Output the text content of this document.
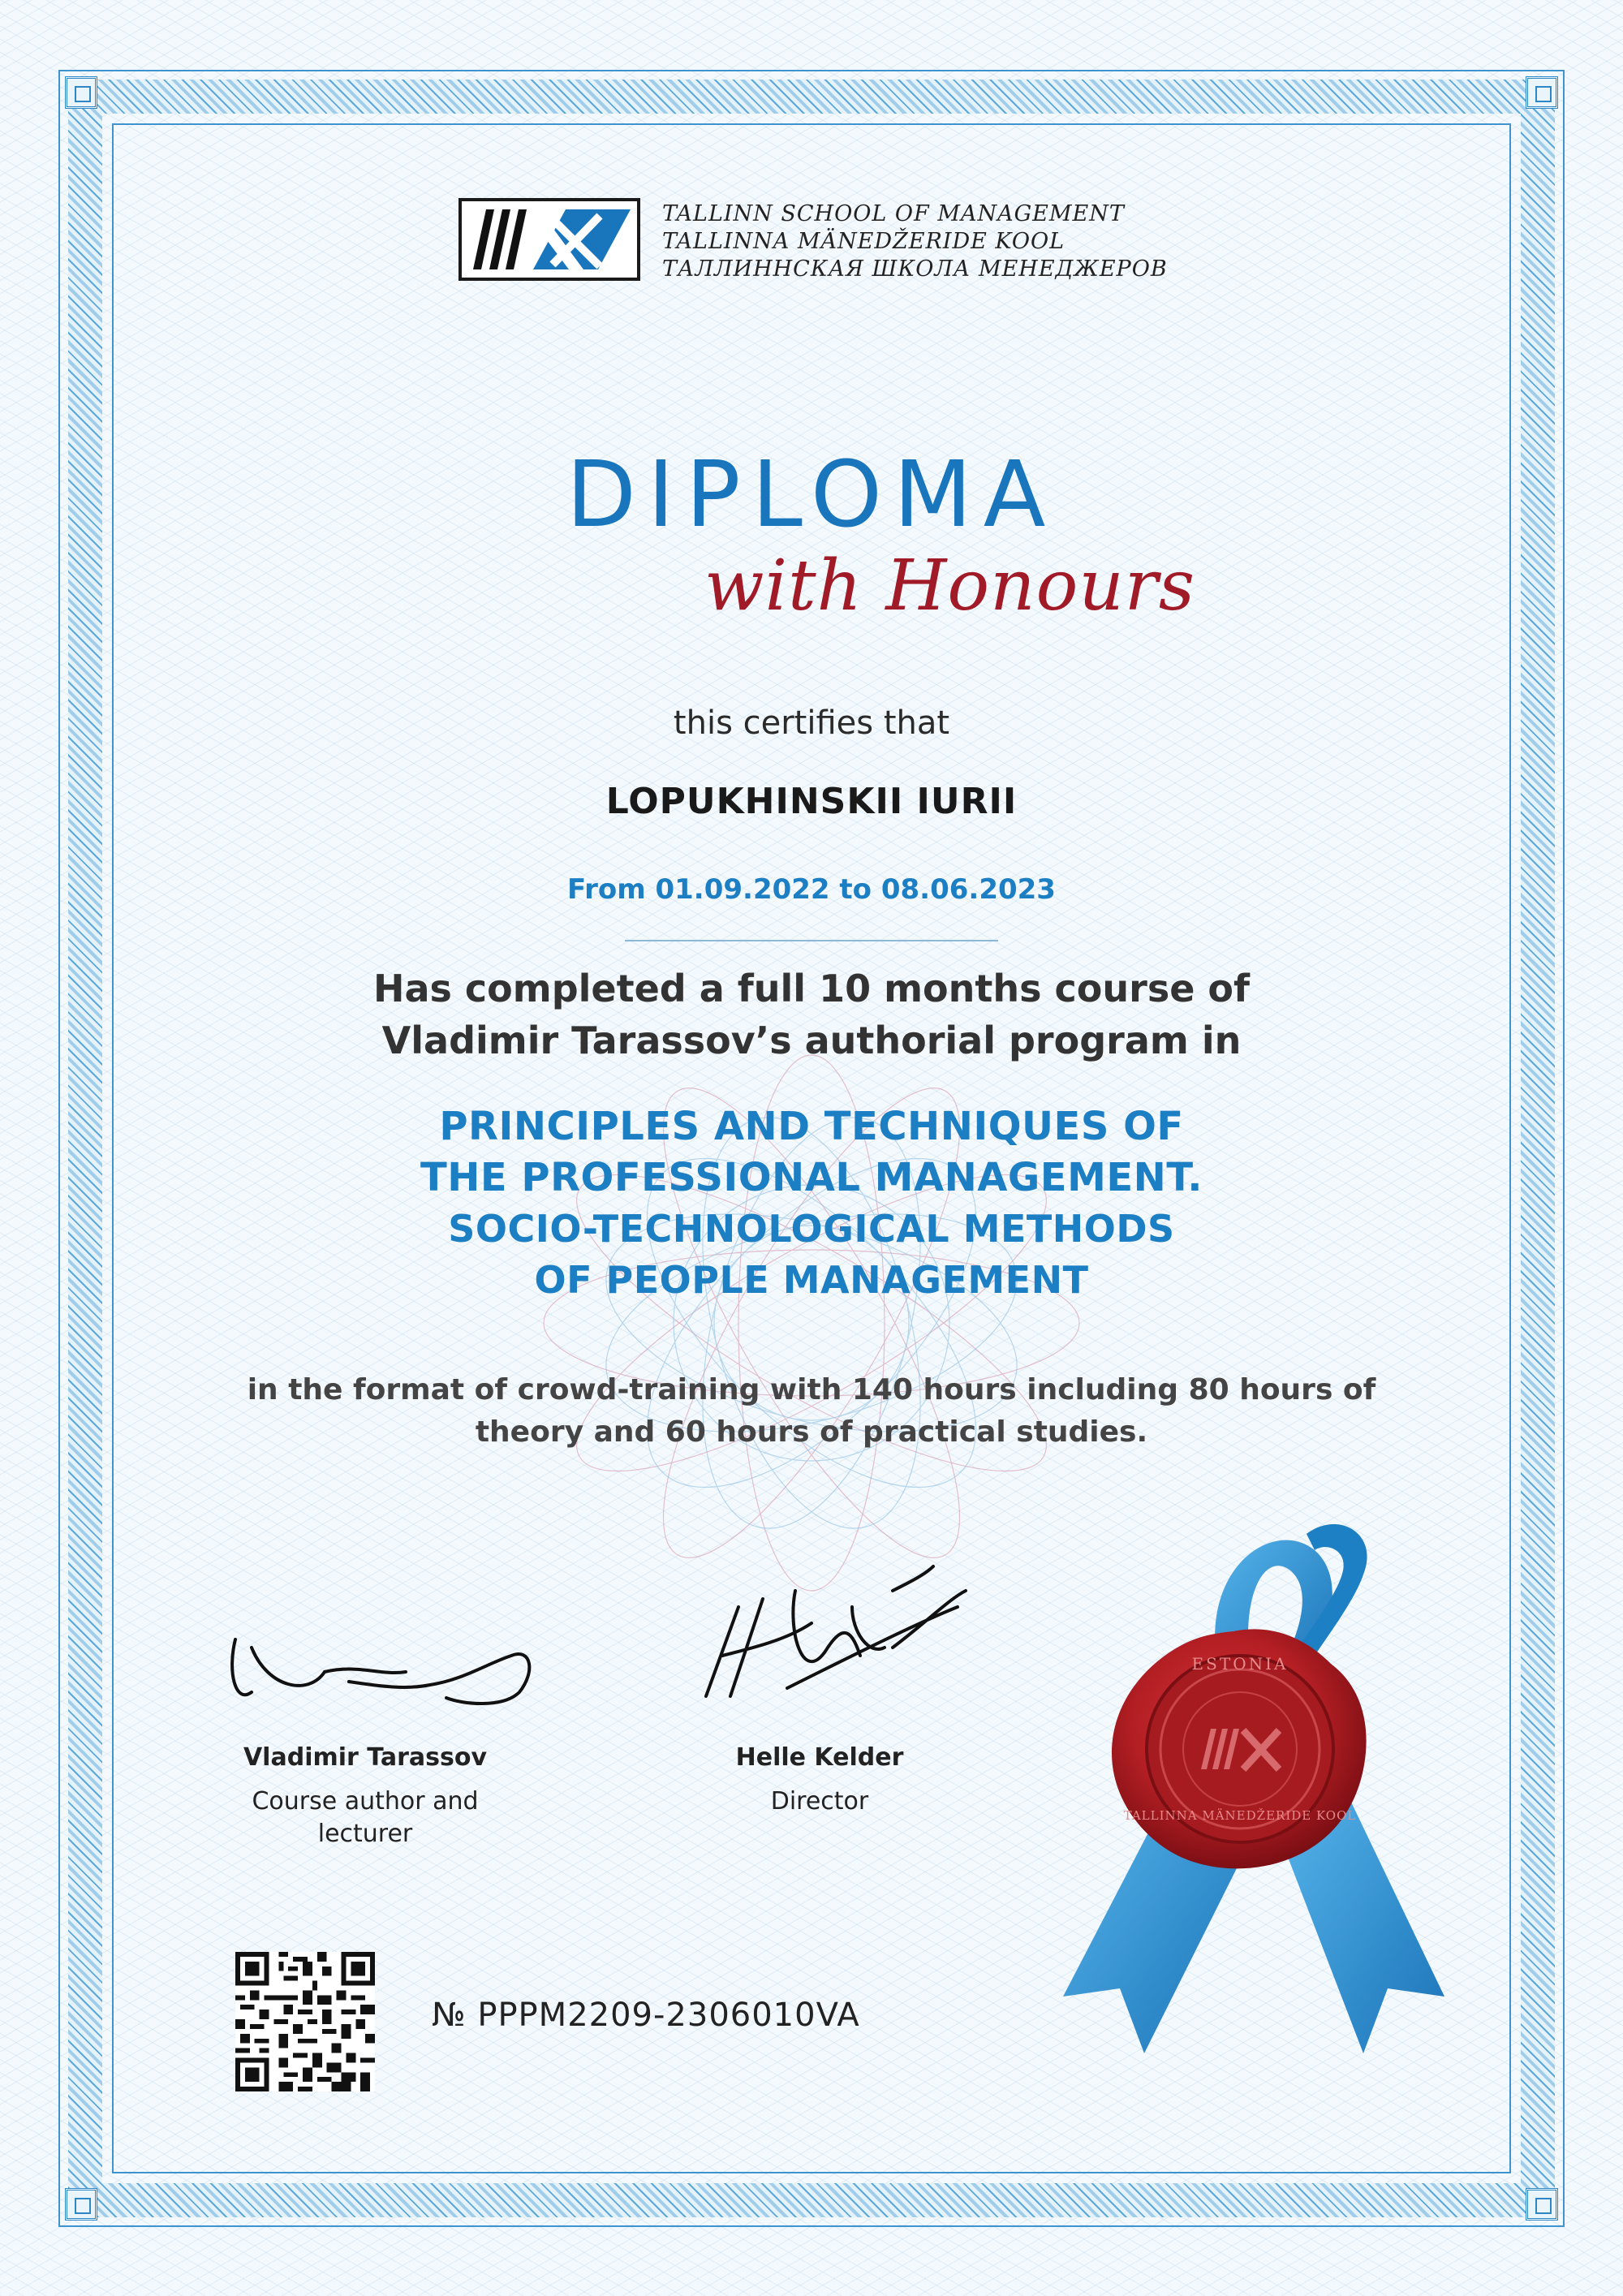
TALLINN SCHOOL OF MANAGEMENT
TALLINNA MÄNEDŽERIDE KOOL
ТАЛЛИННСКАЯ ШКОЛА МЕНЕДЖЕРОВ
DIPLOMA
with Honours
this certifies that
LOPUKHINSKII IURII
From 01.09.2022 to 08.06.2023
Has completed a full 10 months course of
Vladimir Tarassov’s authorial program in
PRINCIPLES AND TECHNIQUES OF
THE PROFESSIONAL MANAGEMENT.
SOCIO-TECHNOLOGICAL METHODS
OF PEOPLE MANAGEMENT
in the format of crowd-training with 140 hours including 80 hours of
theory and 60 hours of practical studies.
Vladimir Tarassov
Course author and
lecturer
Helle Kelder
Director
№ PPPM2209-2306010VA
ESTONIA
TALLINNA MÄNEDŽERIDE KOOL
